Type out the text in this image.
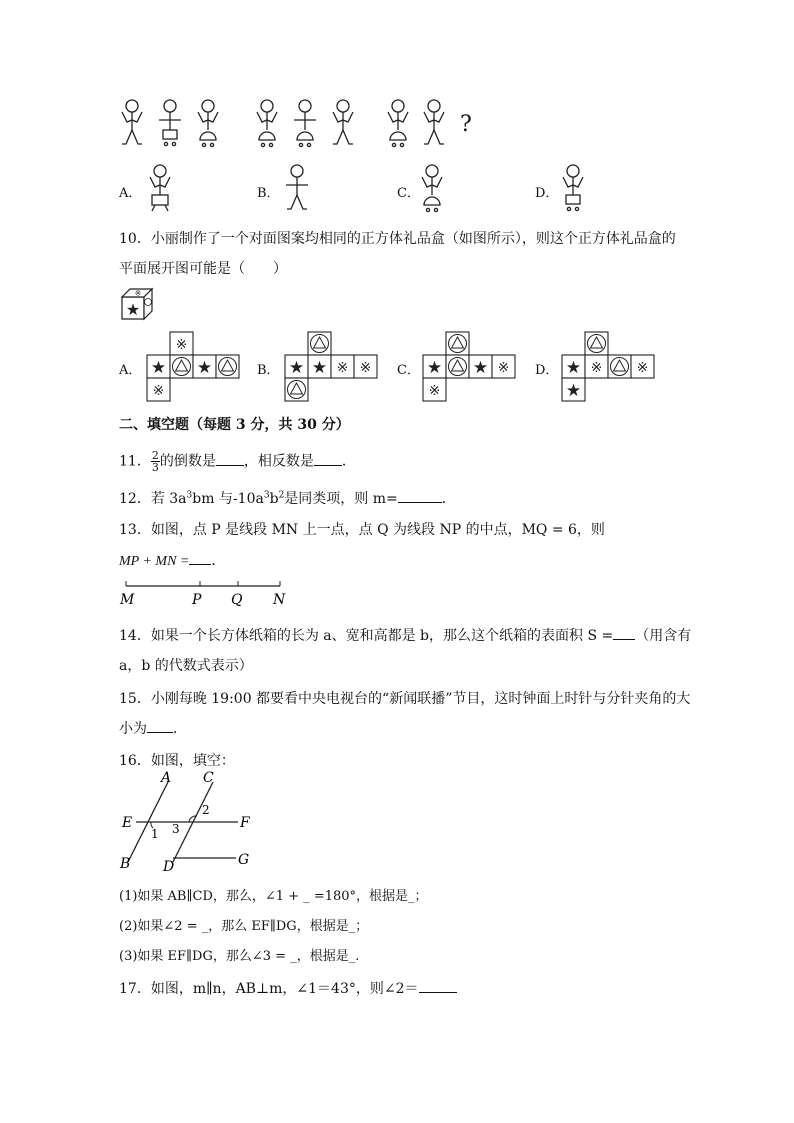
?
A．	B．	C．	D．
10．小丽制作了一个对面图案均相同的正方体礼品盒（如图所示），则这个正方体礼品盒的
平面展开图可能是（　　）
★
※
※
★ ★
※
★ ★ ※ ※	★ ★ ※
※
★ ※ ※
★
A．	B．	C．	D．
二、填空题（每题 3 分，共 30 分）
11． $\frac{2}{3}$ 的倒数是 ，相反数是 ．
12．若 $3a^3bm$ 与$-10a^3b^2$是同类项，则 m=	．
13．如图，点 P 是线段 MN 上一点，点 Q 为线段 NP 的中点，MQ = 6，则
MP + MN = ．
M	P Q N
14．如果一个长方体纸箱的长为 a、宽和高都是 b，那么这个纸箱的表面积 S = （用含有
a，b 的代数式表示）
15．小刚每晚 19:00 都要看中央电视台的“新闻联播”节目，这时钟面上时针与分针夹角的大
小为 ．
16．如图，填空：
A C
E	F
B D	G
1
2
3
(1)如果 AB∥CD，那么，∠1 + _ =180°，根据是_；
(2)如果∠2 = _，那么 EF∥DG，根据是_；
(3)如果 EF∥DG，那么∠3 = _，根据是_.
17．如图，m∥n，AB⊥m，∠1＝43°，则∠2＝
